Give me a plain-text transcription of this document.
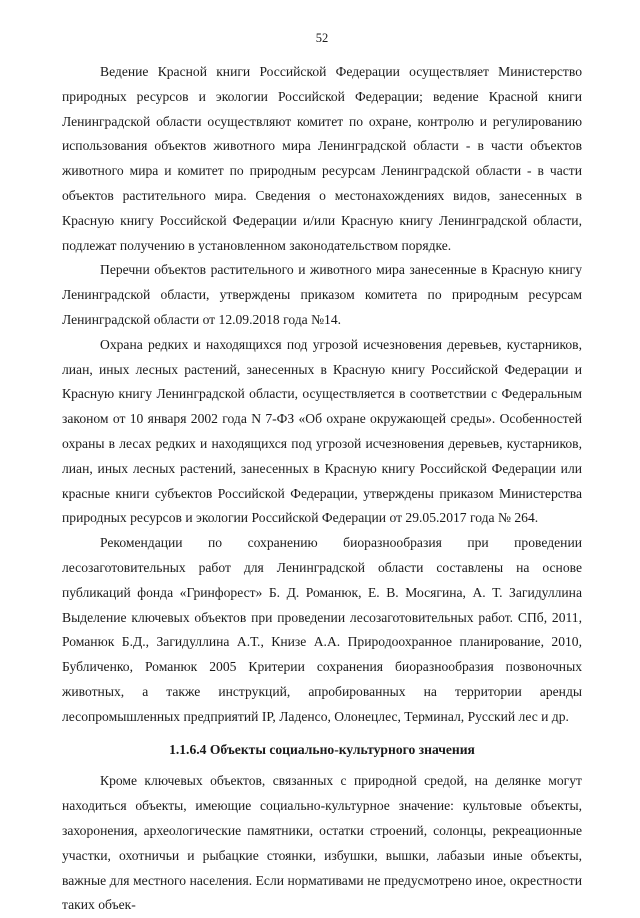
52

Ведение Красной книги Российской Федерации осуществляет Министерство природных ресурсов и экологии Российской Федерации; ведение Красной книги Ленинградской области осуществляют комитет по охране, контролю и регулированию использования объектов животного мира Ленинградской области - в части объектов животного мира и комитет по природным ресурсам Ленинградской области - в части объектов растительного мира. Сведения о местонахождениях видов, занесенных в Красную книгу Российской Федерации и/или Красную книгу Ленинградской области, подлежат получению в установленном законодательством порядке.

Перечни объектов растительного и животного мира занесенные в Красную книгу Ленинградской области, утверждены приказом комитета по природным ресурсам Ленинградской области от 12.09.2018 года №14.

Охрана редких и находящихся под угрозой исчезновения деревьев, кустарников, лиан, иных лесных растений, занесенных в Красную книгу Российской Федерации и Красную книгу Ленинградской области, осуществляется в соответствии с Федеральным законом от 10 января 2002 года N 7-ФЗ «Об охране окружающей среды». Особенностей охраны в лесах редких и находящихся под угрозой исчезновения деревьев, кустарников, лиан, иных лесных растений, занесенных в Красную книгу Российской Федерации или красные книги субъектов Российской Федерации, утверждены приказом Министерства природных ресурсов и экологии Российской Федерации от 29.05.2017 года № 264.

Рекомендации по сохранению биоразнообразия при проведении лесозаготовительных работ для Ленинградской области составлены на основе публикаций фонда «Гринфорест» Б. Д. Романюк, Е. В. Мосягина, А. Т. Загидуллина Выделение ключевых объектов при проведении лесозаготовительных работ. СПб, 2011, Романюк Б.Д., Загидуллина А.Т., Книзе А.А. Природоохранное планирование, 2010, Бубличенко, Романюк 2005 Критерии сохранения биоразнообразия позвоночных животных, а также инструкций, апробированных на территории аренды лесопромышленных предприятий IP, Ладенсо, Олонецлес, Терминал, Русский лес и др.

1.1.6.4 Объекты социально-культурного значения

Кроме ключевых объектов, связанных с природной средой, на делянке могут находиться объекты, имеющие социально-культурное значение: культовые объекты, захоронения, археологические памятники, остатки строений, солонцы, рекреационные участки, охотничьи и рыбацкие стоянки, избушки, вышки, лабазыи иные объекты, важные для местного населения. Если нормативами не предусмотрено иное, окрестности таких объек-
